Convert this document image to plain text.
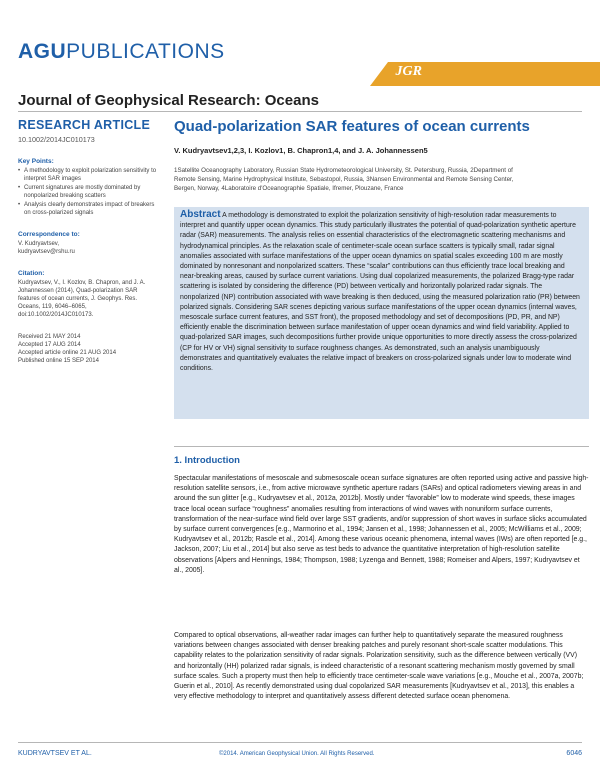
AGUPUBLICATIONS
JGR
Journal of Geophysical Research: Oceans
RESEARCH ARTICLE
10.1002/2014JC010173
Quad-polarization SAR features of ocean currents
V. Kudryavtsev1,2,3, I. Kozlov1, B. Chapron1,4, and J. A. Johannessen5

1Satellite Oceanography Laboratory, Russian State Hydrometeorological University, St. Petersburg, Russia, 2Department of

Remote Sensing, Marine Hydrophysical Institute, Sebastopol, Russia, 3Nansen Environmental and Remote Sensing Center,

Bergen, Norway, 4Laboratoire d'Oceanographie Spatiale, Ifremer, Plouzane, France

Key Points:
• A methodology to exploit polarization sensitivity to interpret SAR images
• Current signatures are mostly dominated by nonpolarized breaking scatters
• Analysis clearly demonstrates impact of breakers on cross-polarized signals
Correspondence to:

V. Kudryavtsev,

kudryavtsev@rshu.ru

Citation:

Kudryavtsev, V., I. Kozlov, B. Chapron, and J. A. Johannessen (2014), Quad-polarization SAR features of ocean currents, J. Geophys. Res. Oceans, 119, 6046–6065, doi:10.1002/2014JC010173.

Received 21 MAY 2014

Accepted 17 AUG 2014

Accepted article online 21 AUG 2014

Published online 15 SEP 2014

Abstract A methodology is demonstrated to exploit the polarization sensitivity of high-resolution radar measurements to interpret and quantify upper ocean dynamics. This study particularly illustrates the potential of quad-polarization synthetic aperture radar (SAR) measurements. The analysis relies on essential characteristics of the electromagnetic scattering mechanisms and hydrodynamical principles. As the relaxation scale of centimeter-scale ocean surface scatters is typically small, radar signal anomalies associated with surface manifestations of the upper ocean dynamics on spatial scales exceeding 100 m are mostly dominated by nonresonant and nonpolarized scatters. These “scalar” contributions can thus efficiently trace local breaking and near-breaking areas, caused by surface current variations. Using dual copolarized measurements, the polarized Bragg-type radar scattering is isolated by considering the difference (PD) between vertically and horizontally polarized radar signals. The nonpolarized (NP) contribution associated with wave breaking is then deduced, using the measured polarization ratio (PR) between polarized signals. Considering SAR scenes depicting various surface manifestations of the upper ocean dynamics (internal waves, mesoscale surface current features, and SST front), the proposed methodology and set of decompositions (PD, PR, and NP) efficiently enable the discrimination between surface manifestation of upper ocean dynamics and wind field variability. Applied to quad-polarized SAR images, such decompositions further provide unique opportunities to more directly assess the cross-polarized (CP for HV or VH) signal sensitivity to surface roughness changes. As demonstrated, such an analysis unambiguously demonstrates and quantitatively evaluates the relative impact of breakers on cross-polarized signals under low to moderate wind conditions.
1. Introduction

Spectacular manifestations of mesoscale and submesoscale ocean surface signatures are often reported using active and passive high-resolution satellite sensors, i.e., from active microwave synthetic aperture radars (SARs) and optical radiometers viewing areas in and around the sun glitter [e.g., Kudryavtsev et al., 2012a, 2012b]. Mostly under “favorable” low to moderate wind speeds, these images trace local ocean surface “roughness” anomalies resulting from interactions of wind waves with nonuniform surface currents, transformation of the near-surface wind field over large SST gradients, and/or suppression of short waves in surface slicks accumulated by surface current convergences [e.g., Marmorino et al., 1994; Jansen et al., 1998; Johannessen et al., 2005; McWilliams et al., 2009; Kudryavtsev et al., 2012b; Rascle et al., 2014]. Among these various oceanic phenomena, internal waves (IWs) are often reported [e.g., Jackson, 2007; Liu et al., 2014] but also serve as test beds to advance the quantitative interpretation of high-resolution satellite observations [Alpers and Hennings, 1984; Thompson, 1988; Lyzenga and Bennett, 1988; Romeiser and Alpers, 1997; Kudryavtsev et al., 2005].

Compared to optical observations, all-weather radar images can further help to quantitatively separate the measured roughness variations between changes associated with denser breaking patches and purely resonant short-scale scatter modulations. This capability relates to the polarization sensitivity of radar signals. Polarization sensitivity, such as the difference between vertically (VV) and horizontally (HH) polarized radar signals, is indeed characteristic of a resonant scattering mechanism mostly governed by small surface scales. Such a property must then help to efficiently trace centimeter-scale wave variations [e.g., Mouche et al., 2007a, 2007b; Guerin et al., 2010]. As recently demonstrated using dual copolarized SAR measurements [Kudryavtsev et al., 2013], this enables a very effective methodology to interpret and quantitatively assess different detected surface ocean phenomena.

KUDRYAVTSEV ET AL.	©2014. American Geophysical Union. All Rights Reserved.	6046
